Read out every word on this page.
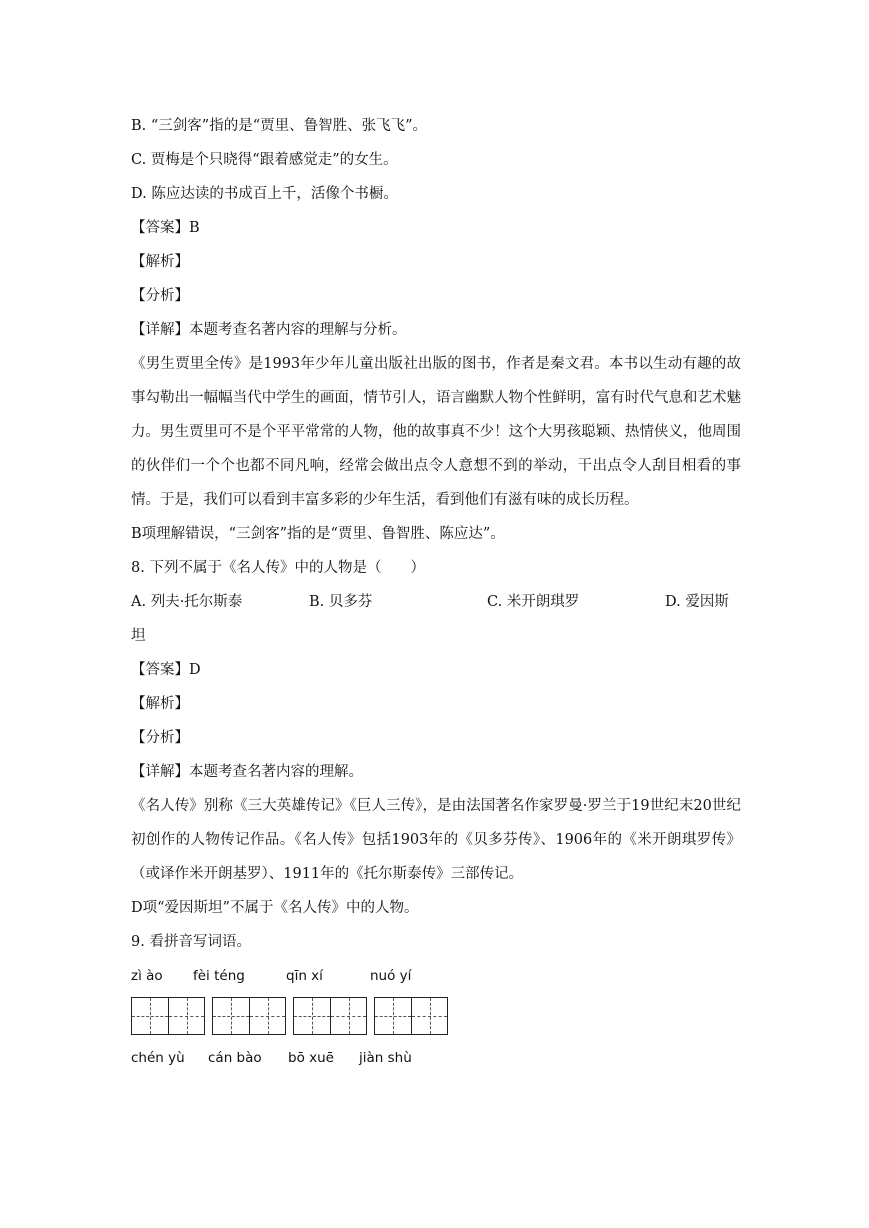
B. “三剑客”指的是“贾里、鲁智胜、张飞飞”。
C. 贾梅是个只晓得“跟着感觉走”的女生。
D. 陈应达读的书成百上千，活像个书橱。
【答案】B
【解析】
【分析】
【详解】本题考查名著内容的理解与分析。
《男生贾里全传》是1993年少年儿童出版社出版的图书，作者是秦文君。本书以生动有趣的故事勾勒出一幅幅当代中学生的画面，情节引人，语言幽默人物个性鲜明，富有时代气息和艺术魅力。男生贾里可不是个平平常常的人物，他的故事真不少！这个大男孩聪颖、热情侠义，他周围的伙伴们一个个也都不同凡响，经常会做出点令人意想不到的举动，干出点令人刮目相看的事情。于是，我们可以看到丰富多彩的少年生活，看到他们有滋有味的成长历程。
B项理解错误，“三剑客”指的是“贾里、鲁智胜、陈应达”。
8. 下列不属于《名人传》中的人物是（　　）
A. 列夫·托尔斯泰	B. 贝多芬	C. 米开朗琪罗	D. 爱因斯
坦
【答案】D
【解析】
【分析】
【详解】本题考查名著内容的理解。
《名人传》别称《三大英雄传记》《巨人三传》，是由法国著名作家罗曼·罗兰于19世纪末20世纪初创作的人物传记作品。《名人传》包括1903年的《贝多芬传》、1906年的《米开朗琪罗传》（或译作米开朗基罗）、1911年的《托尔斯泰传》三部传记。
D项“爱因斯坦”不属于《名人传》中的人物。
9. 看拼音写词语。
zì ào	fèi téng	qīn xí	nuó yí
chén yù	cán bào	bō xuē	jiàn shù
